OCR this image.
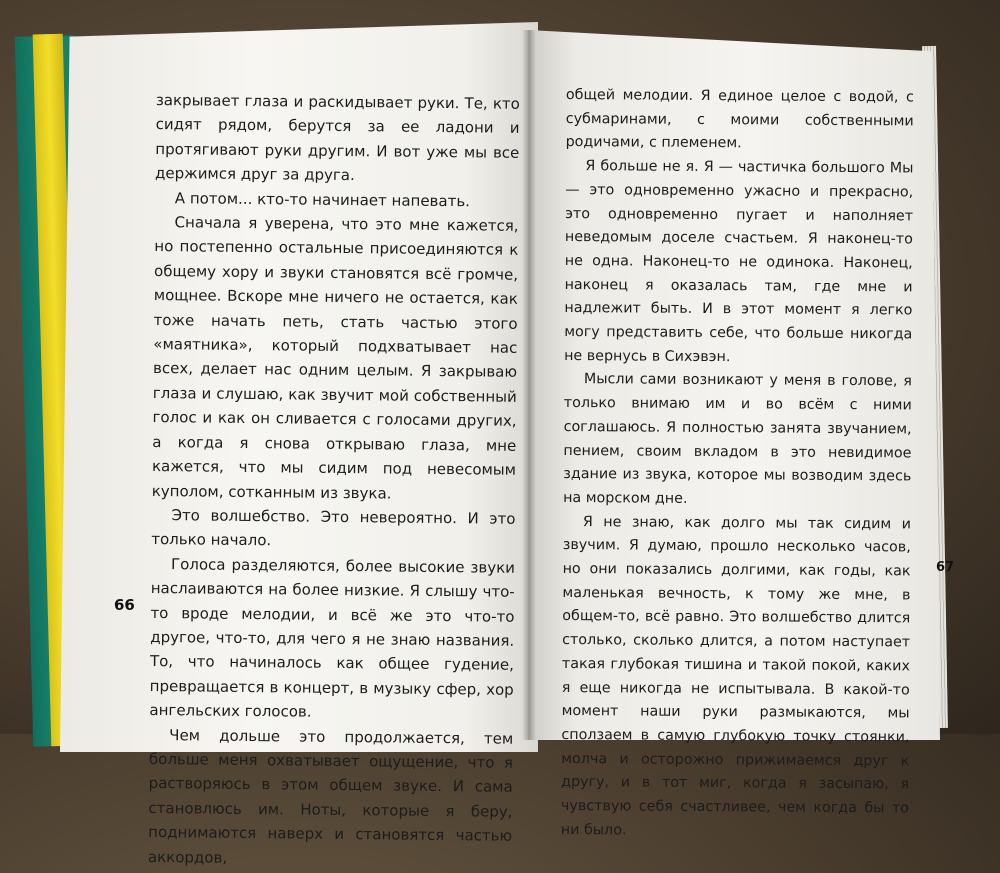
закрывает глаза и раскидывает руки. Те, кто сидят рядом, берутся за ее ладони и протягивают руки другим. И вот уже мы все держимся друг за друга.

А потом... кто-то начинает напевать.

Сначала я уверена, что это мне кажется, но постепенно остальные присоединяются к общему хору и звуки становятся всё громче, мощнее. Вскоре мне ничего не остается, как тоже начать петь, стать частью этого «маятника», который подхватывает нас всех, делает нас одним целым. Я закрываю глаза и слушаю, как звучит мой собственный голос и как он сливается с голосами других, а когда я снова открываю глаза, мне кажется, что мы сидим под невесомым куполом, сотканным из звука.

Это волшебство. Это невероятно. И это только начало.

Голоса разделяются, более высокие звуки наслаиваются на более низкие. Я слышу что-то вроде мелодии, и всё же это что-то другое, что-то, для чего я не знаю названия. То, что начиналось как общее гудение, превращается в концерт, в музыку сфер, хор ангельских голосов.

Чем дольше это продолжается, тем больше меня охватывает ощущение, что я растворяюсь в этом общем звуке. И сама становлюсь им. Ноты, которые я беру, поднимаются наверх и становятся частью аккордов,

общей мелодии. Я единое целое с водой, с субмаринами, с моими собственными родичами, с племенем.

Я больше не я. Я — частичка большого Мы — это одновременно ужасно и прекрасно, это одновременно пугает и наполняет неведомым доселе счастьем. Я наконец-то не одна. Наконец-то не одинока. Наконец, наконец я оказалась там, где мне и надлежит быть. И в этот момент я легко могу представить себе, что больше никогда не вернусь в Сихэвэн.

Мысли сами возникают у меня в голове, я только внимаю им и во всём с ними соглашаюсь. Я полностью занята звучанием, пением, своим вкладом в это невидимое здание из звука, которое мы возводим здесь на морском дне.

Я не знаю, как долго мы так сидим и звучим. Я думаю, прошло несколько часов, но они показались долгими, как годы, как маленькая вечность, к тому же мне, в общем-то, всё равно. Это волшебство длится столько, сколько длится, а потом наступает такая глубокая тишина и такой покой, каких я еще никогда не испытывала. В какой-то момент наши руки размыкаются, мы сползаем в самую глубокую точку стоянки, молча и осторожно прижимаемся друг к другу, и в тот миг, когда я засыпаю, я чувствую себя счастливее, чем когда бы то ни было.

66
67
